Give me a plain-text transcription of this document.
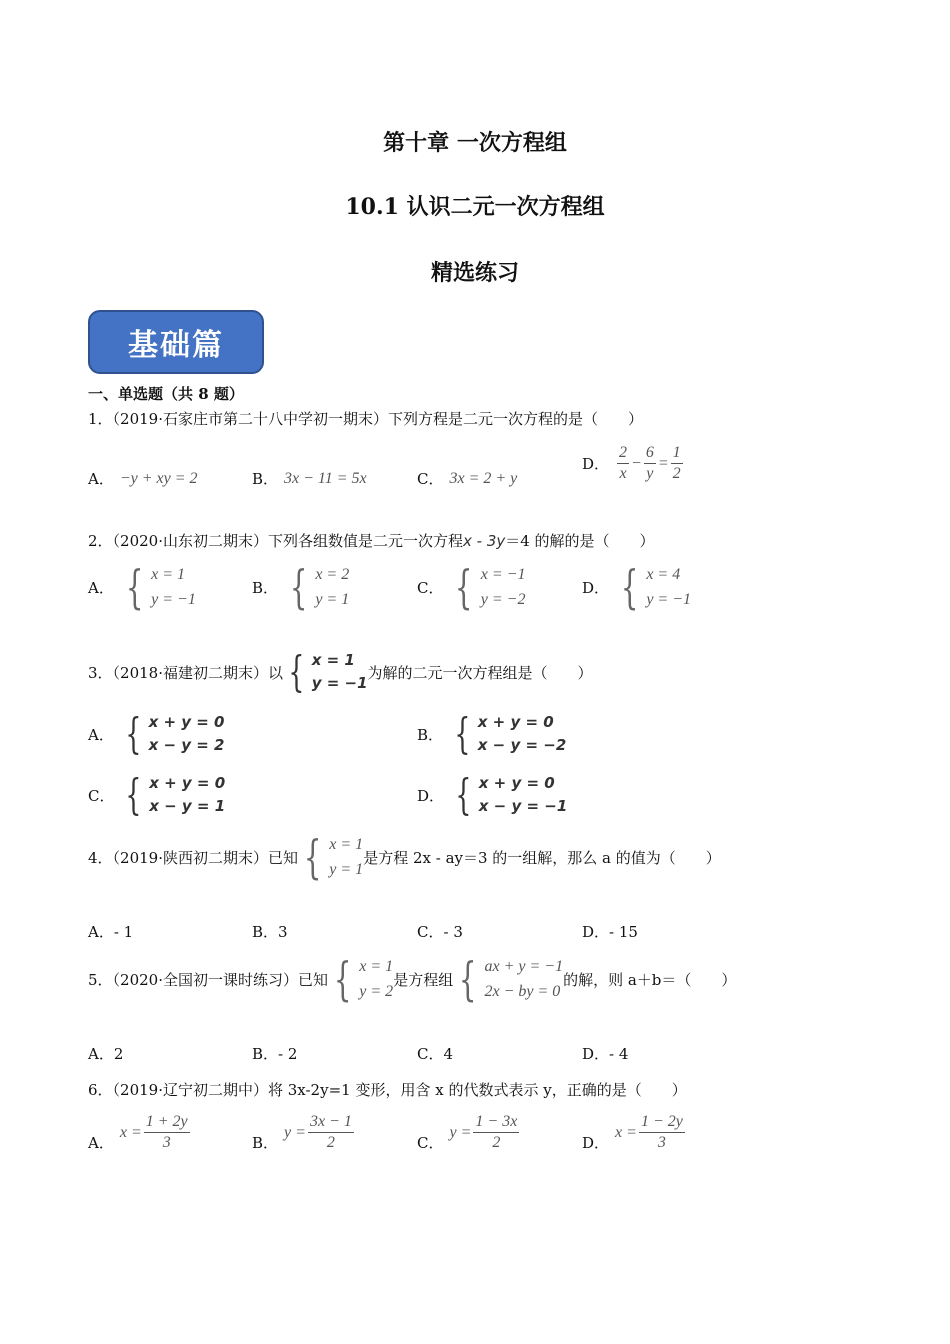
第十章 一次方程组
10.1 认识二元一次方程组
精选练习
基础篇
一、单选题（共 8 题）
1．（2019·石家庄市第二十八中学初一期末）下列方程是二元一次方程的是（　　）
A． −y + xy = 2	B． 3x − 11 = 5x	C． 3x = 2 + y
D． $\frac{2}{x} - \frac{6}{y} = \frac{1}{2}$
2．（2020·山东初二期末）下列各组数值是二元一次方程x - 3y＝4 的解的是（　　）
A． { x = 1
y = −1
B． { x = 2
y = 1
C． { x = −1
y = −2
D． { x = 4
y = −1
3．（2018·福建初二期末）以 { x = 1
y = −1
为解的二元一次方程组是（　　）
A． { x + y = 0
x − y = 2
B． { x + y = 0
x − y = −2
C． { x + y = 0
x − y = 1
D． { x + y = 0
x − y = −1
4．（2019·陕西初二期末）已知 { x = 1
y = 1
是方程 2x - ay＝3 的一组解，那么 a 的值为（　　）
A．- 1	B．3	C．- 3	D．- 15
5．（2020·全国初一课时练习）已知 { x = 1
y = 2
是方程组 { ax + y = −1
2x − by = 0
的解，则 a＋b＝（　　）
A．2	B．- 2	C．4	D．- 4
6．（2019·辽宁初二期中）将 3x-2y=1 变形，用含 x 的代数式表示 y，正确的是（　　）
A．
$x = \frac{1 + 2y}{3}$	B．
$y = \frac{3x - 1}{2}$	C．
$y = \frac{1 - 3x}{2}$	D．
$x = \frac{1 - 2y}{3}$
